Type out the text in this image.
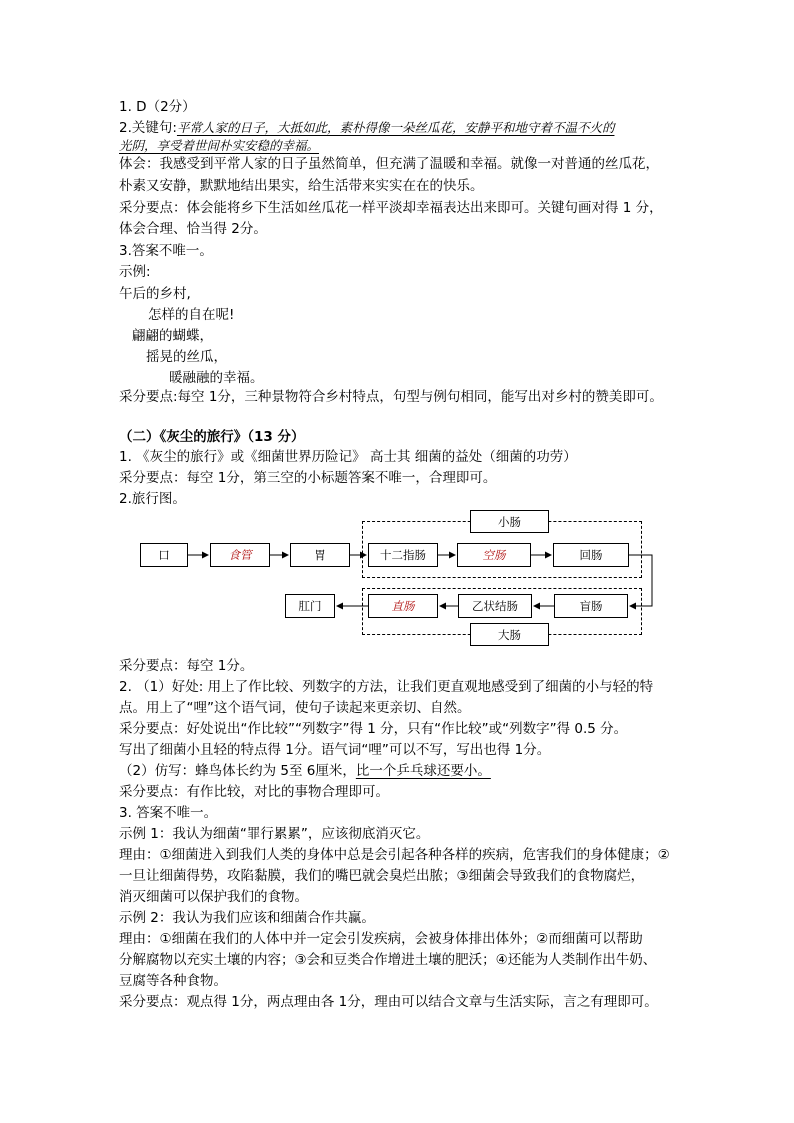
1. D（2分）
2.关键句:平常人家的日子，大抵如此，素朴得像一朵丝瓜花，安静平和地守着不温不火的
光阴，享受着世间朴实安稳的幸福。
体会：我感受到平常人家的日子虽然简单，但充满了温暖和幸福。就像一对普通的丝瓜花，
朴素又安静，默默地结出果实，给生活带来实实在在的快乐。
采分要点：体会能将乡下生活如丝瓜花一样平淡却幸福表达出来即可。关键句画对得 1 分，
体会合理、恰当得 2分。
3.答案不唯一。
示例:
午后的乡村,
怎样的自在呢!
翩翩的蝴蝶，
摇晃的丝瓜，
暖融融的幸福。
采分要点:每空 1分，三种景物符合乡村特点，句型与例句相同，能写出对乡村的赞美即可。
（二）《灰尘的旅行》（13 分）
1. 《灰尘的旅行》或《细菌世界历险记》 高士其 细菌的益处（细菌的功劳）
采分要点：每空 1分，第三空的小标题答案不唯一，合理即可。
2.旅行图。
小肠
大肠
口	食管	胃	十二指肠	空肠	回肠
肛门	直肠	乙状结肠	盲肠
采分要点：每空 1分。
2. （1）好处: 用上了作比较、列数字的方法，让我们更直观地感受到了细菌的小与轻的特
点。用上了“哩”这个语气词，使句子读起来更亲切、自然。
采分要点：好处说出“作比较”“列数字”得 1 分，只有“作比较”或“列数字”得 0.5 分。
写出了细菌小且轻的特点得 1分。语气词“哩”可以不写，写出也得 1分。
（2）仿写：蜂鸟体长约为 5至 6厘米，比一个乒乓球还要小。
采分要点：有作比较，对比的事物合理即可。
3. 答案不唯一。
示例 1：我认为细菌“罪行累累”，应该彻底消灭它。
理由：①细菌进入到我们人类的身体中总是会引起各种各样的疾病，危害我们的身体健康；②
一旦让细菌得势，攻陷黏膜，我们的嘴巴就会臭烂出脓；③细菌会导致我们的食物腐烂，
消灭细菌可以保护我们的食物。
示例 2：我认为我们应该和细菌合作共赢。
理由：①细菌在我们的人体中并一定会引发疾病，会被身体排出体外；②而细菌可以帮助
分解腐物以充实土壤的内容；③会和豆类合作增进土壤的肥沃；④还能为人类制作出牛奶、
豆腐等各种食物。
采分要点：观点得 1分，两点理由各 1分，理由可以结合文章与生活实际，言之有理即可。
